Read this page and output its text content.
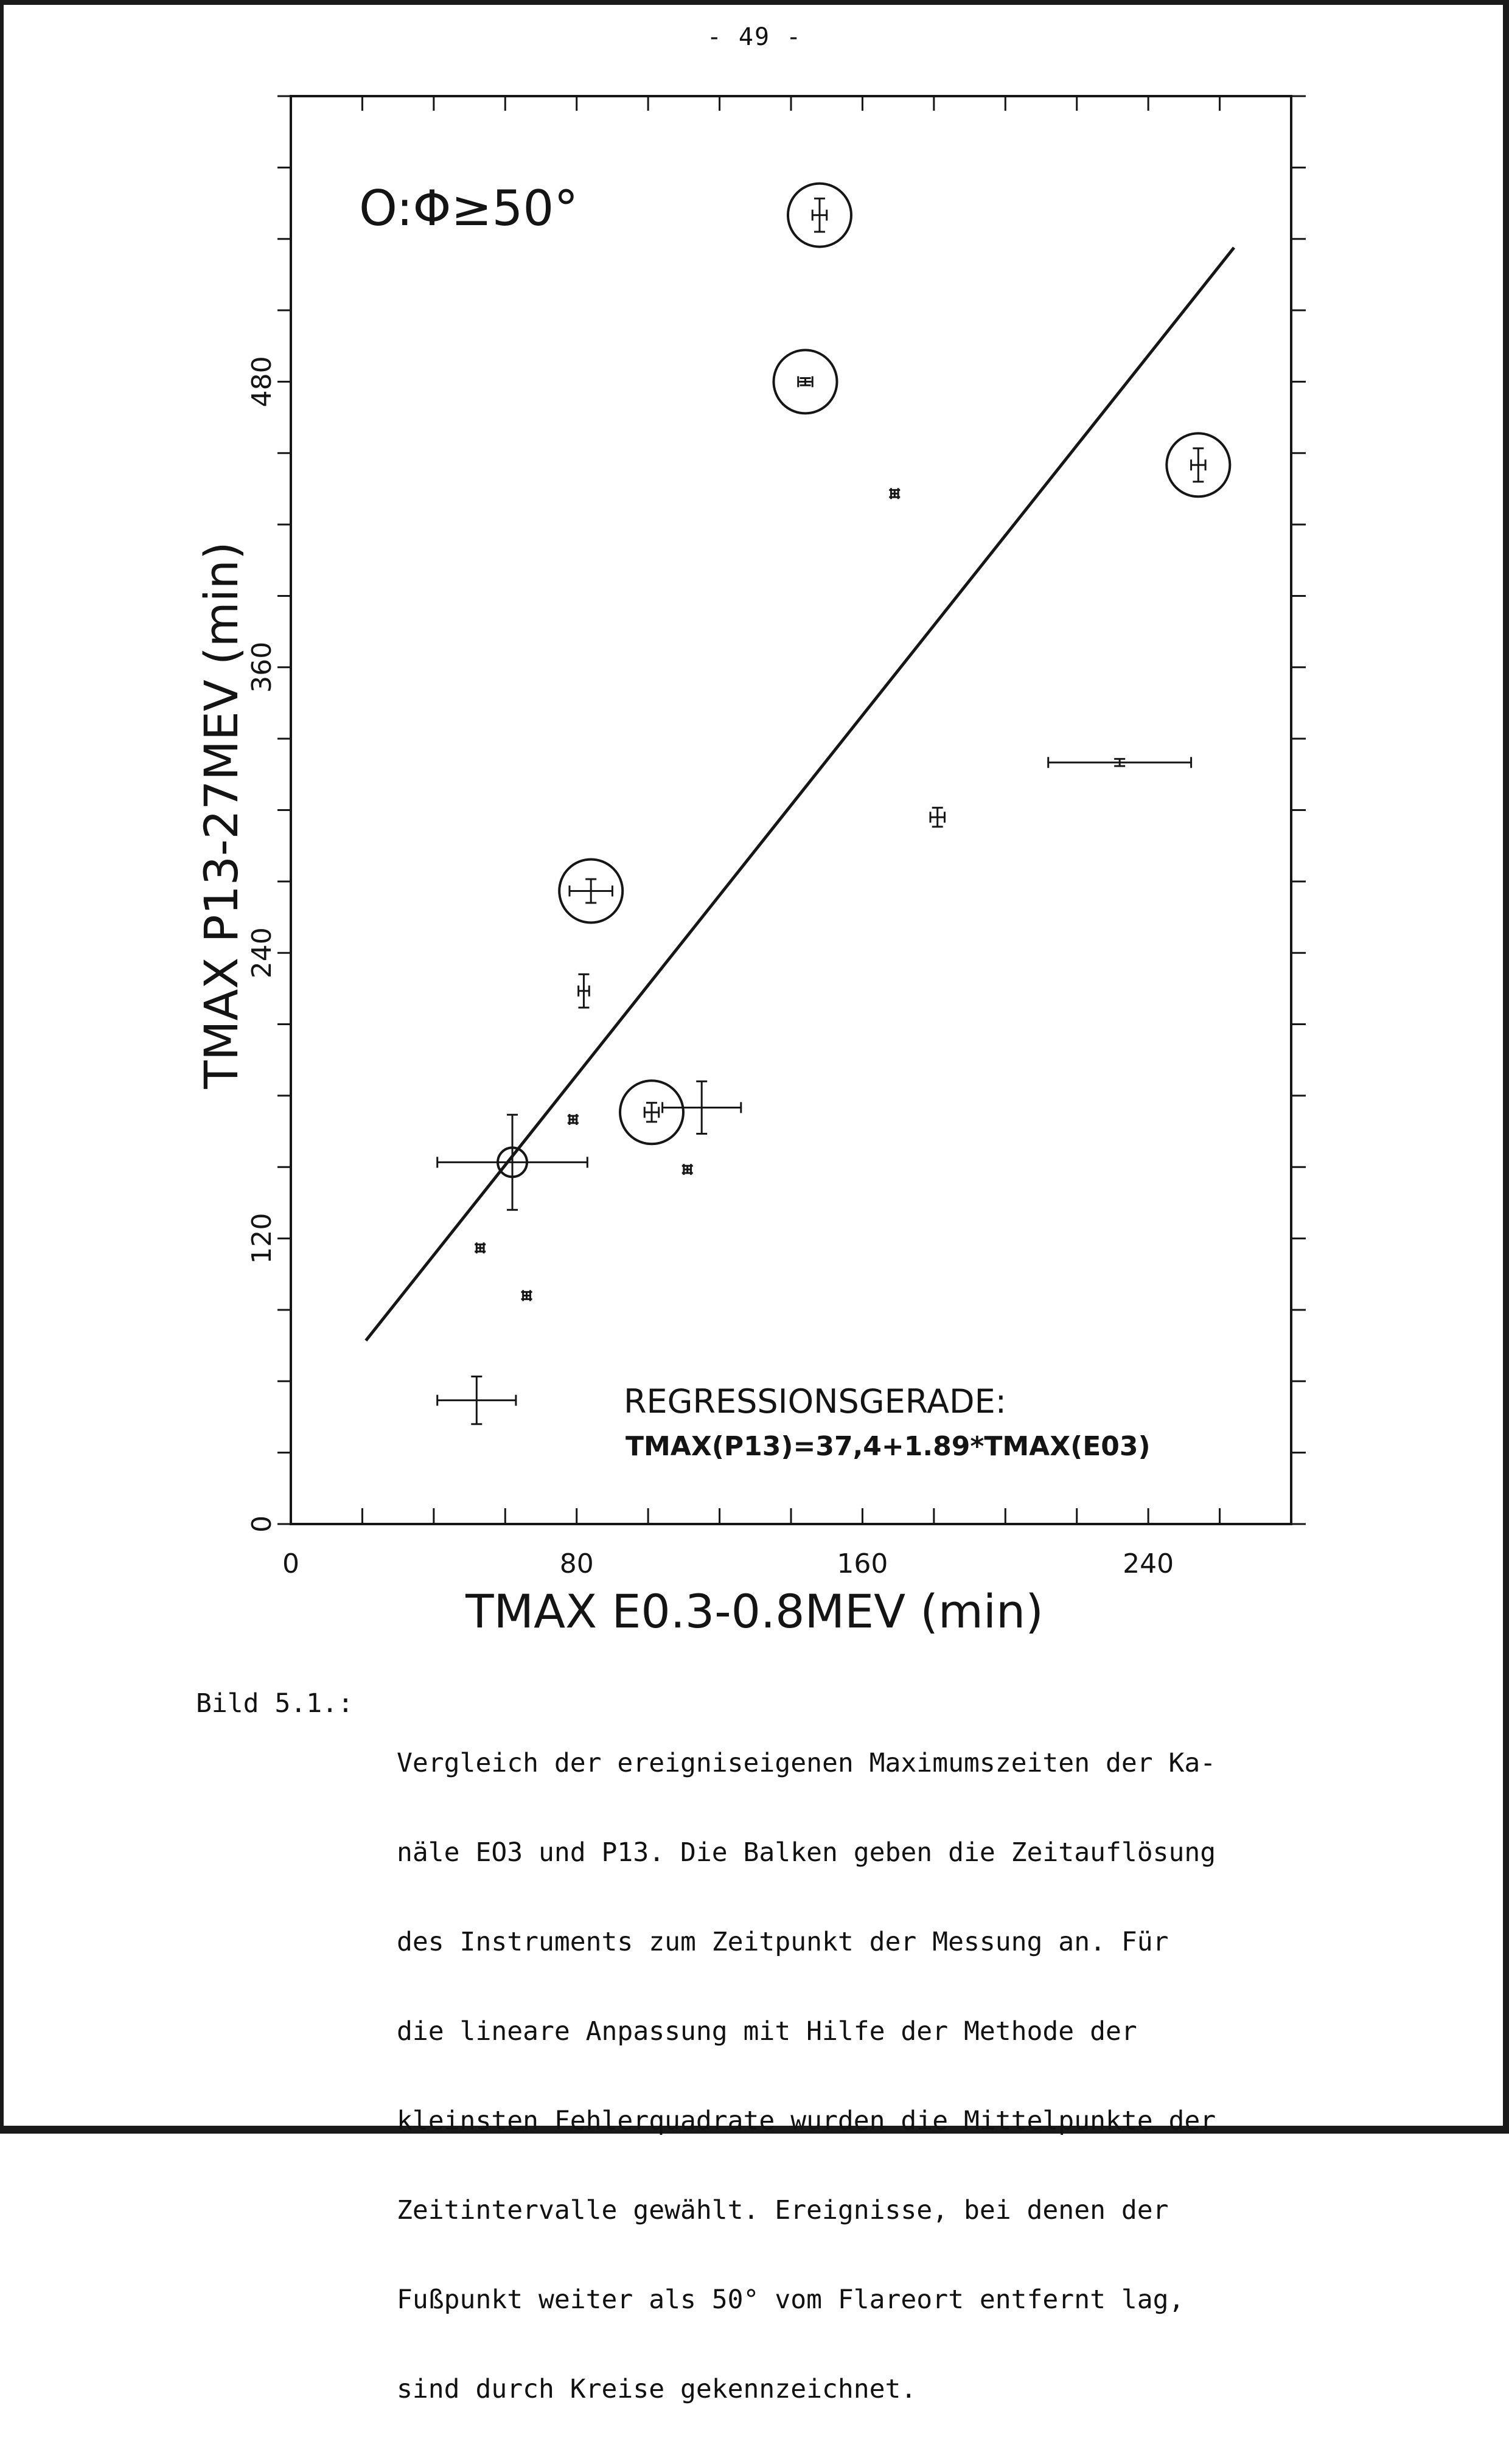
- 49 -
0	80	160	240
0
120
240
360
480
TMAX E0.3-0.8MEV (min)
TMAX P13-27MEV (min)
O:Φ≥50°
REGRESSIONSGERADE:
TMAX(P13)=37,4+1.89*TMAX(E03)
Bild 5.1.:

Vergleich der ereigniseigenen Maximumszeiten der Ka-

näle EO3 und P13. Die Balken geben die Zeitauflösung

des Instruments zum Zeitpunkt der Messung an. Für

die lineare Anpassung mit Hilfe der Methode der

kleinsten Fehlerquadrate wurden die Mittelpunkte der

Zeitintervalle gewählt. Ereignisse, bei denen der

Fußpunkt weiter als 50° vom Flareort entfernt lag,

sind durch Kreise gekennzeichnet.
